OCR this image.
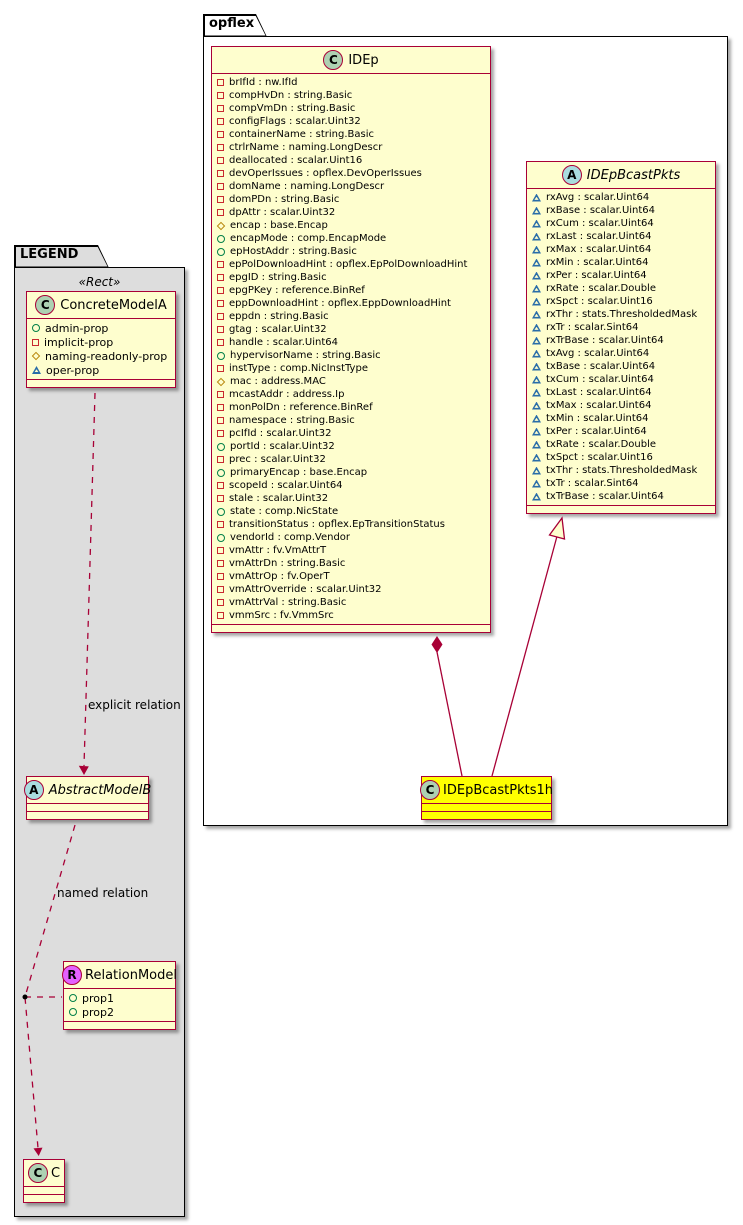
C IDEp
brIfId : nw.IfId
compHvDn : string.Basic
compVmDn : string.Basic
configFlags : scalar.Uint32
containerName : string.Basic
ctrlrName : naming.LongDescr
deallocated : scalar.Uint16
devOperIssues : opflex.DevOperIssues
domName : naming.LongDescr
domPDn : string.Basic
dpAttr : scalar.Uint32
encap : base.Encap
encapMode : comp.EncapMode
epHostAddr : string.Basic
epPolDownloadHint : opflex.EpPolDownloadHint
epgID : string.Basic
epgPKey : reference.BinRef
eppDownloadHint : opflex.EppDownloadHint
eppdn : string.Basic
gtag : scalar.Uint32
handle : scalar.Uint64
hypervisorName : string.Basic
instType : comp.NicInstType
mac : address.MAC
mcastAddr : address.Ip
monPolDn : reference.BinRef
namespace : string.Basic
pcIfId : scalar.Uint32
portId : scalar.Uint32
prec : scalar.Uint32
primaryEncap : base.Encap
scopeId : scalar.Uint64
stale : scalar.Uint32
state : comp.NicState
transitionStatus : opflex.EpTransitionStatus
vendorId : comp.Vendor
vmAttr : fv.VmAttrT
vmAttrDn : string.Basic
vmAttrOp : fv.OperT
vmAttrOverride : scalar.Uint32
vmAttrVal : string.Basic
vmmSrc : fv.VmmSrc
A IDEpBcastPkts
rxAvg : scalar.Uint64
rxBase : scalar.Uint64
rxCum : scalar.Uint64
rxLast : scalar.Uint64
rxMax : scalar.Uint64
rxMin : scalar.Uint64
rxPer : scalar.Uint64
rxRate : scalar.Double
rxSpct : scalar.Uint16
rxThr : stats.ThresholdedMask
rxTr : scalar.Sint64
rxTrBase : scalar.Uint64
txAvg : scalar.Uint64
txBase : scalar.Uint64
txCum : scalar.Uint64
txLast : scalar.Uint64
txMax : scalar.Uint64
txMin : scalar.Uint64
txPer : scalar.Uint64
txRate : scalar.Double
txSpct : scalar.Uint16
txThr : stats.ThresholdedMask
txTr : scalar.Sint64
txTrBase : scalar.Uint64
C IDEpBcastPkts1h
opflex
C ConcreteModelA
admin-prop
implicit-prop
naming-readonly-prop
oper-prop
A AbstractModelB
R RelationModel
prop1
prop2
C C
LEGEND
«Rect»
explicit relation
named relation
